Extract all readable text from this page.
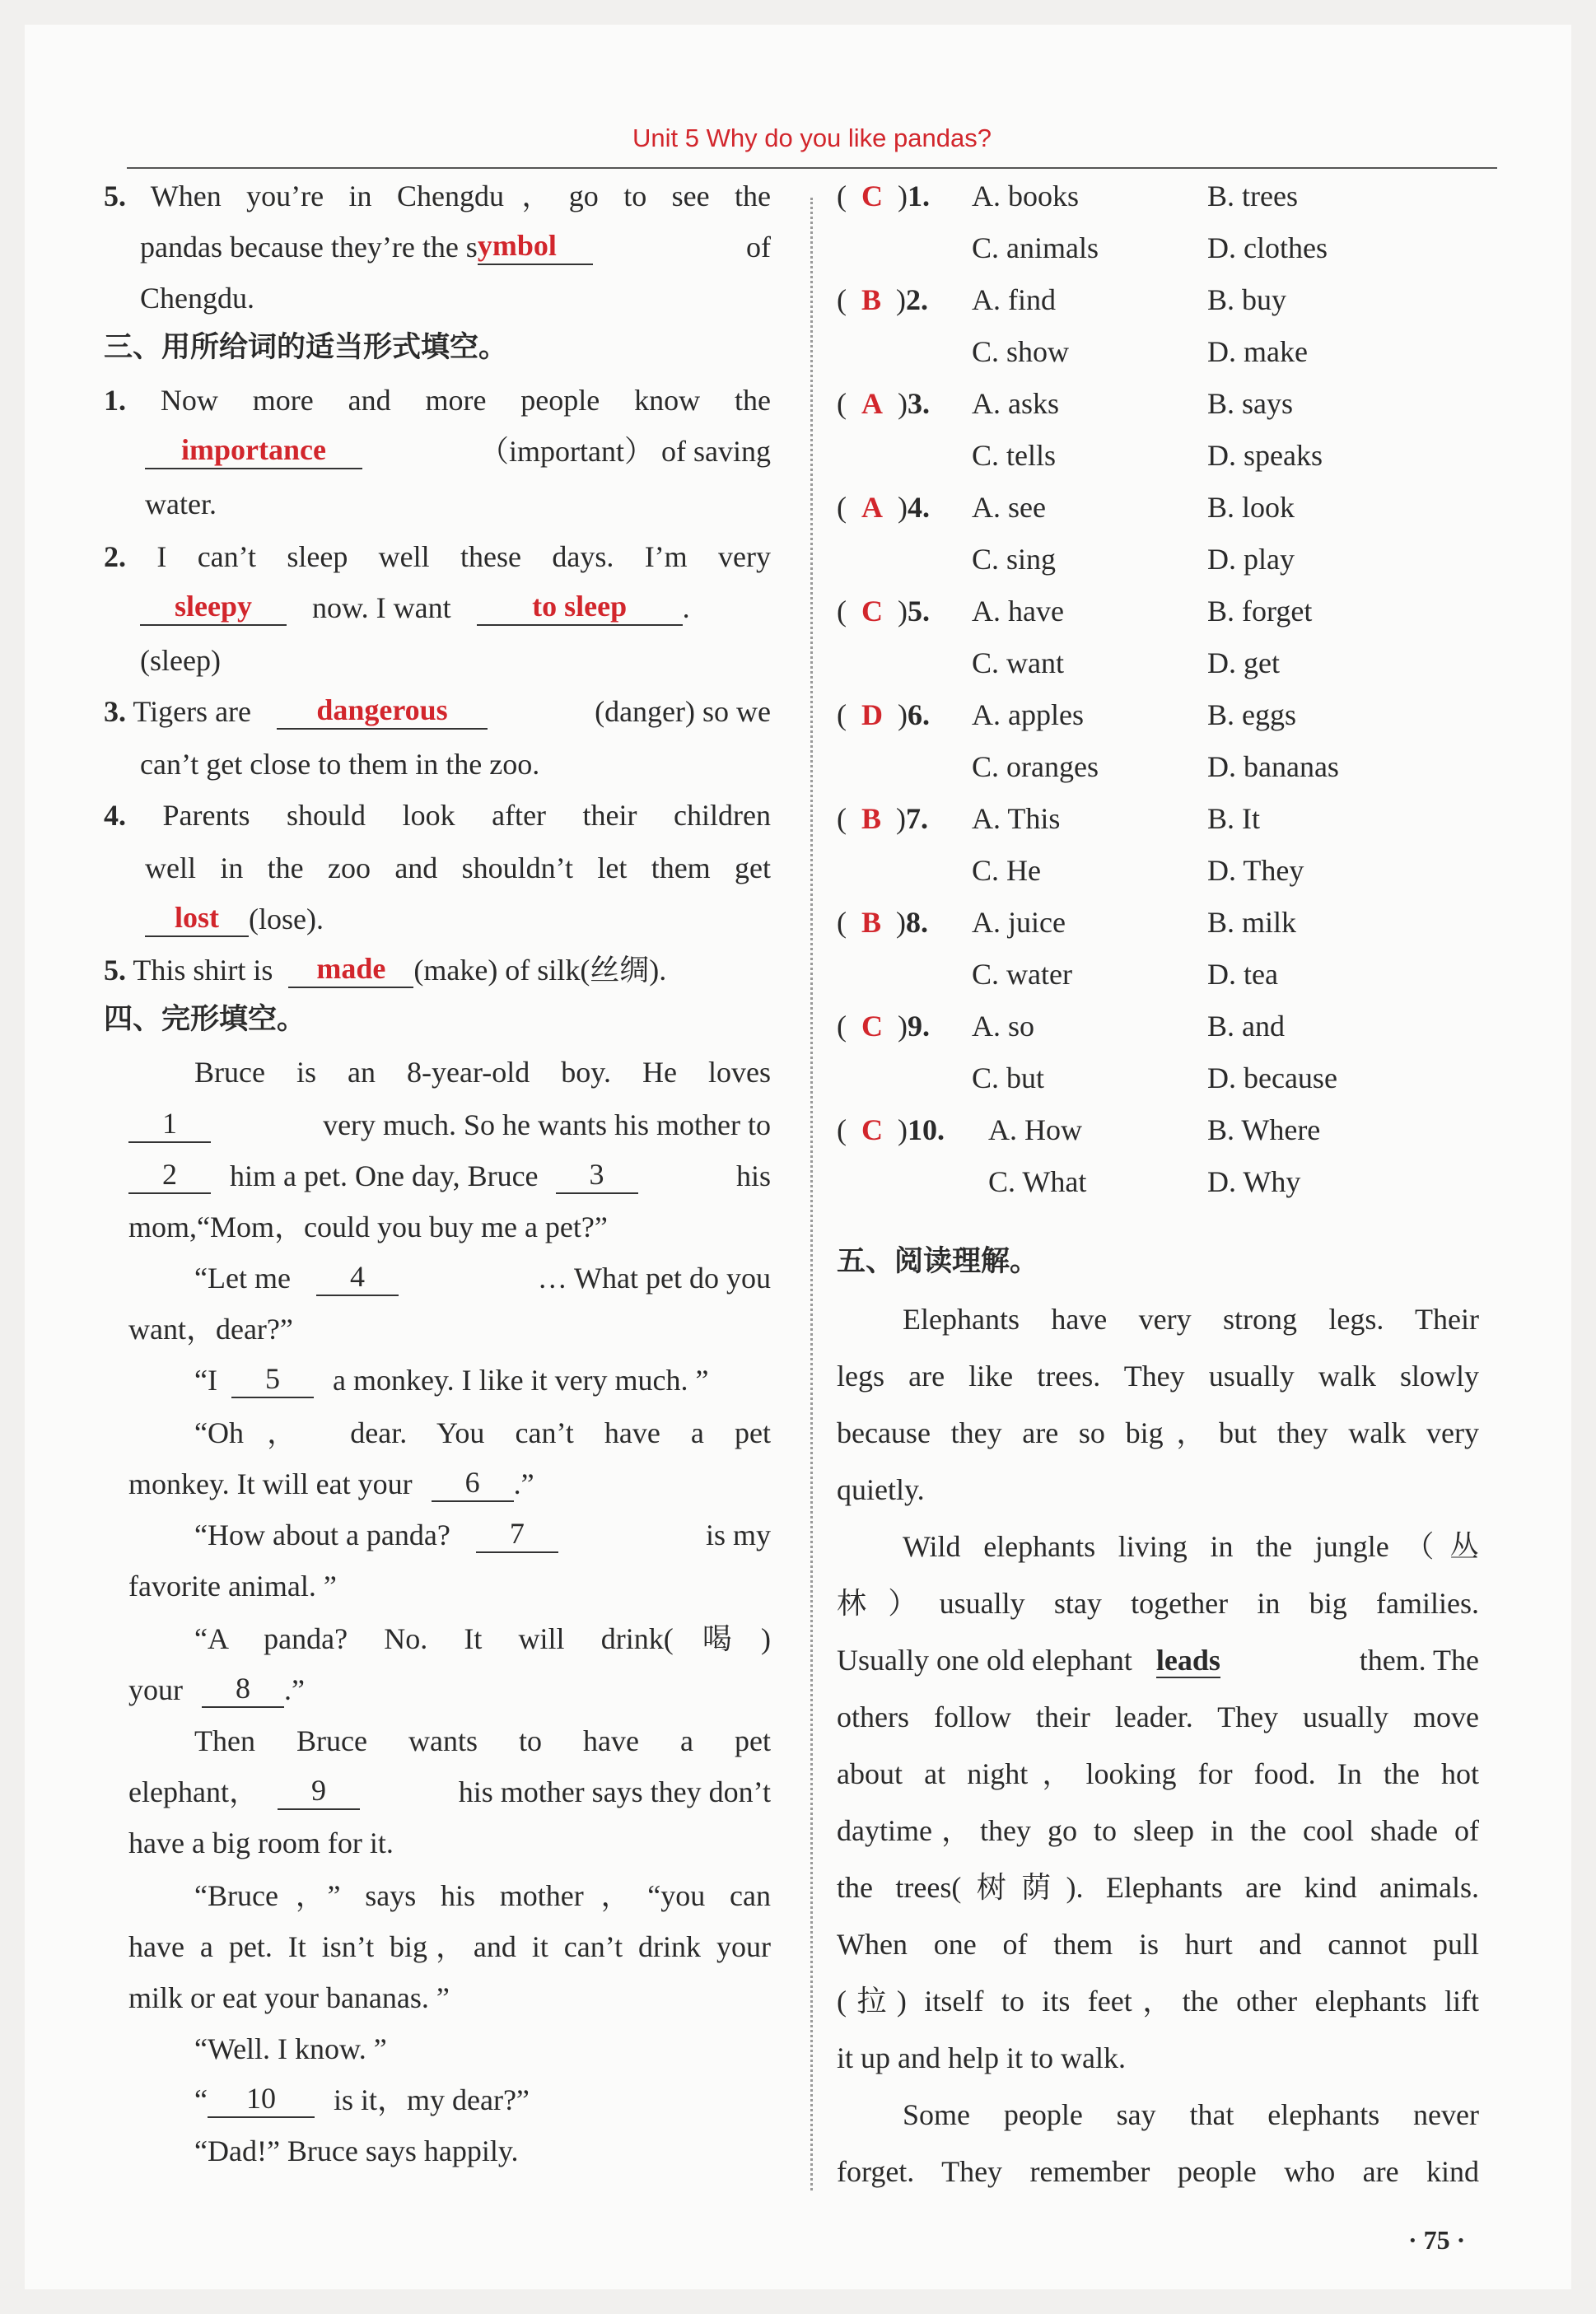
Unit 5 Why do you like pandas?
5. When you’re in Chengdu，go to see the
pandas because they’re the symbol	of
Chengdu.
三、用所给词的适当形式填空。
1. Now more and more people know the
importance	（important） of saving
water.
2. I can’t sleep well these days. I’m very
sleepy now. I want	to sleep .
(sleep)
3. Tigers are dangerous	(danger) so we
can’t get close to them in the zoo.
4. Parents should look after their children
well in the zoo and shouldn’t let them get
lost (lose).
5. This shirt is made (make) of silk(丝绸).
四、完形填空。
Bruce is an 8-year-old boy. He loves
1	very much. So he wants his mother to
2 him a pet. One day, Bruce 3	his
mom,“Mom，could you buy me a pet?”
“Let me 4	… What pet do you
want，dear?”
“I 5 a monkey. I like it very much. ”
“Oh， dear. You can’t have a pet
monkey. It will eat your 6 .”
“How about a panda? 7	is my
favorite animal. ”
“A panda? No. It will drink(喝)
your 8 .”
Then Bruce wants to have a pet
elephant， 9	his mother says they don’t
have a big room for it.
“Bruce，” says his mother，“you can
have a pet. It isn’t big，and it can’t drink your
milk or eat your bananas. ”
“Well. I know. ”
“ 10 is it，my dear?”
“Dad!” Bruce says happily.
五、阅读理解。
Elephants have very strong legs. Their
legs are like trees. They usually walk slowly
because they are so big，but they walk very
quietly.
Wild elephants living in the jungle（丛
林）usually stay together in big families.
Usually one old elephant leads	them. The
others follow their leader. They usually move
about at night，looking for food. In the hot
daytime，they go to sleep in the cool shade of
the trees(树荫). Elephants are kind animals.
When one of them is hurt and cannot pull
(拉) itself to its feet，the other elephants lift
it up and help it to walk.
Some people say that elephants never
forget. They remember people who are kind
· 75 ·
(  C  )1. A. books	B. trees
C. animals	D. clothes
(  B  )2. A. find	B. buy
C. show	D. make
(  A  )3. A. asks	B. says
C. tells	D. speaks
(  A  )4. A. see	B. look
C. sing	D. play
(  C  )5. A. have	B. forget
C. want	D. get
(  D  )6. A. apples	B. eggs
C. oranges	D. bananas
(  B  )7. A. This	B. It
C. He	D. They
(  B  )8. A. juice	B. milk
C. water	D. tea
(  C  )9. A. so	B. and
C. but	D. because
(  C  )10. A. How	B. Where
C. What	D. Why
